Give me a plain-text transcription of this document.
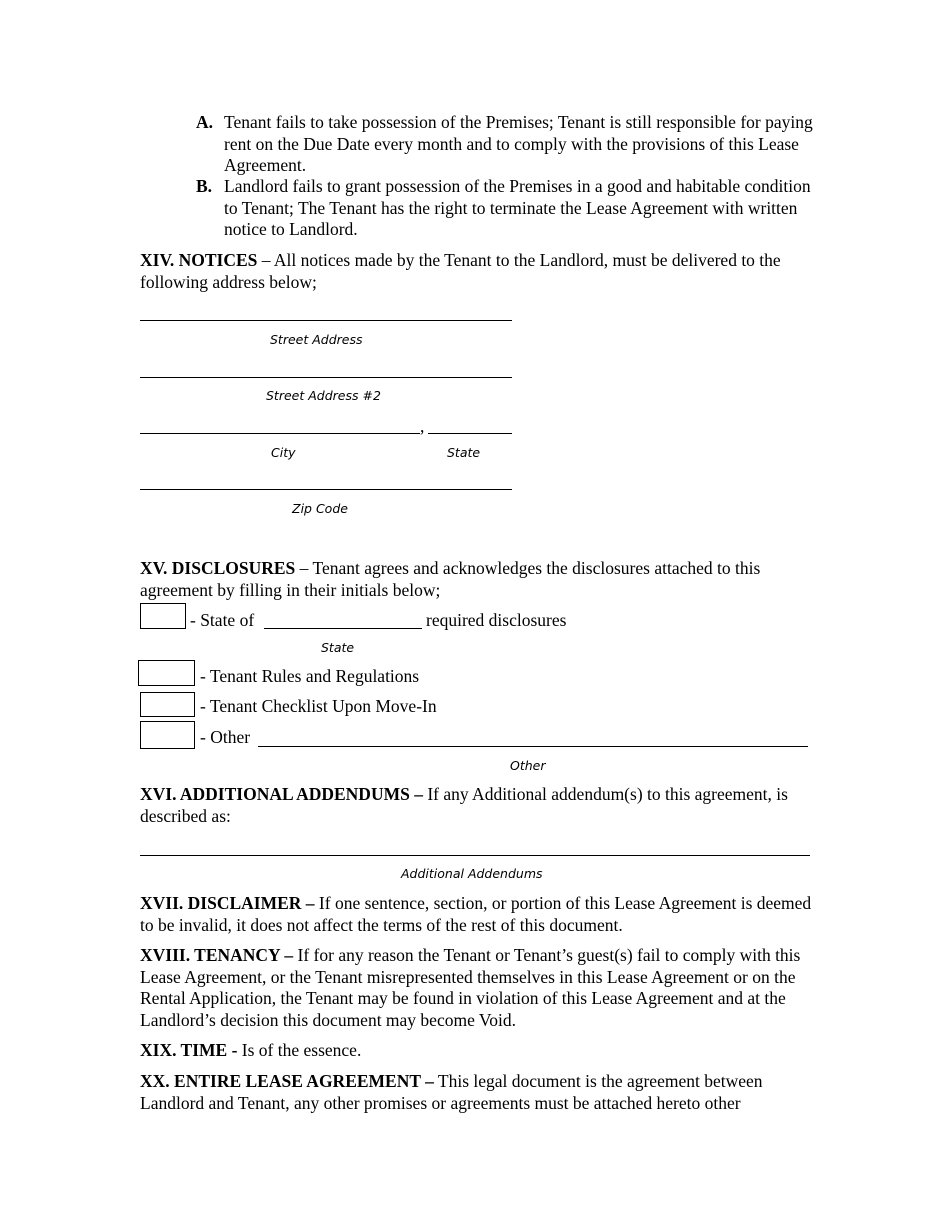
A. Tenant fails to take possession of the Premises; Tenant is still responsible for paying rent on the Due Date every month and to comply with the provisions of this Lease Agreement.
B. Landlord fails to grant possession of the Premises in a good and habitable condition to Tenant; The Tenant has the right to terminate the Lease Agreement with written notice to Landlord.
XIV. NOTICES – All notices made by the Tenant to the Landlord, must be delivered to the following address below;
Street Address
Street Address #2
,
City	State
Zip Code
XV. DISCLOSURES – Tenant agrees and acknowledges the disclosures attached to this agreement by filling in their initials below;
- State of	required disclosures
State
- Tenant Rules and Regulations
- Tenant Checklist Upon Move-In
- Other
Other
XVI. ADDITIONAL ADDENDUMS – If any Additional addendum(s) to this agreement, is described as:
Additional Addendums
XVII. DISCLAIMER – If one sentence, section, or portion of this Lease Agreement is deemed to be invalid, it does not affect the terms of the rest of this document.
XVIII. TENANCY – If for any reason the Tenant or Tenant’s guest(s) fail to comply with this Lease Agreement, or the Tenant misrepresented themselves in this Lease Agreement or on the Rental Application, the Tenant may be found in violation of this Lease Agreement and at the Landlord’s decision this document may become Void.
XIX. TIME - Is of the essence.
XX. ENTIRE LEASE AGREEMENT – This legal document is the agreement between Landlord and Tenant, any other promises or agreements must be attached hereto other
